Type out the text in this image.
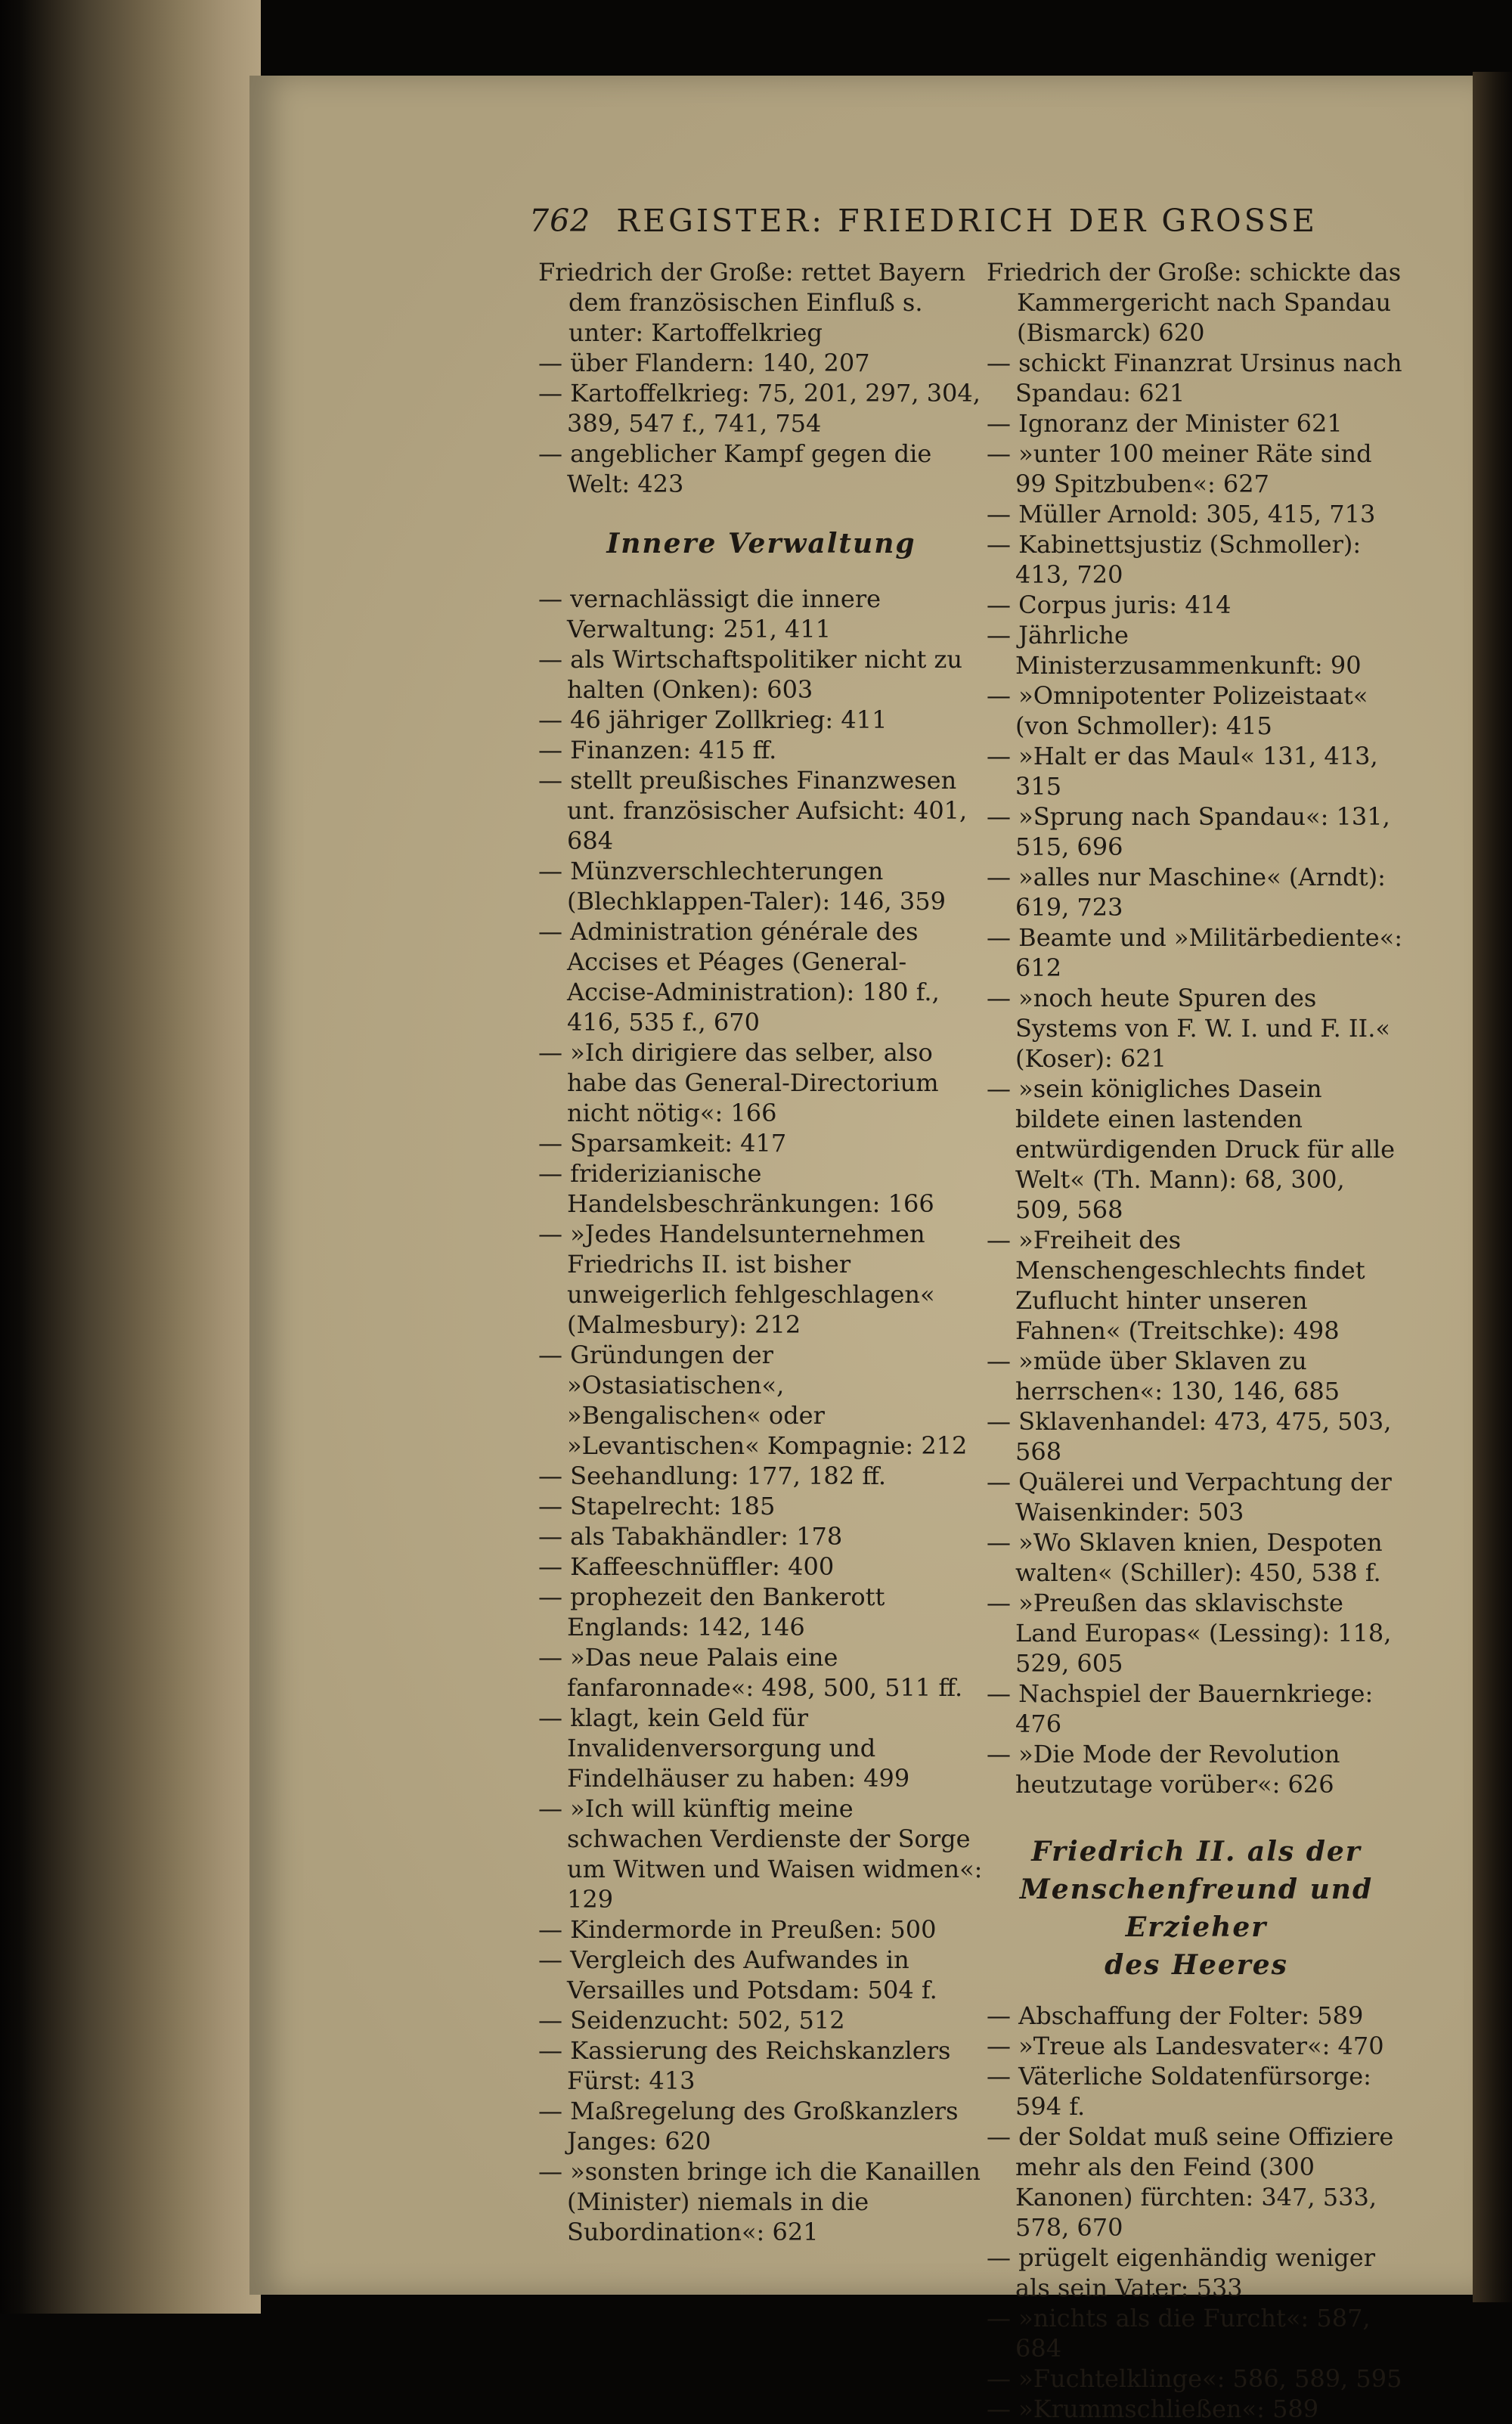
762 REGISTER: FRIEDRICH DER GROSSE

Friedrich der Große: rettet Bayern dem französischen Einfluß s. unter: Kartoffelkrieg

— über Flandern: 140, 207

— Kartoffelkrieg: 75, 201, 297, 304, 389, 547 f., 741, 754

— angeblicher Kampf gegen die Welt: 423

Innere Verwaltung

— vernachlässigt die innere Verwaltung: 251, 411

— als Wirtschaftspolitiker nicht zu halten (Onken): 603

— 46 jähriger Zollkrieg: 411

— Finanzen: 415 ff.

— stellt preußisches Finanzwesen unt. französischer Aufsicht: 401, 684

— Münzverschlechterungen (Blechklappen-Taler): 146, 359

— Administration générale des Accises et Péages (General-Accise-Administration): 180 f., 416, 535 f., 670

— »Ich dirigiere das selber, also habe das General-Directorium nicht nötig«: 166

— Sparsamkeit: 417

— friderizianische Handelsbeschränkungen: 166

— »Jedes Handelsunternehmen Friedrichs II. ist bisher unweigerlich fehlgeschlagen« (Malmesbury): 212

— Gründungen der »Ostasiatischen«, »Bengalischen« oder »Levantischen« Kompagnie: 212

— Seehandlung: 177, 182 ff.

— Stapelrecht: 185

— als Tabakhändler: 178

— Kaffeeschnüffler: 400

— prophezeit den Bankerott Englands: 142, 146

— »Das neue Palais eine fanfaronnade«: 498, 500, 511 ff.

— klagt, kein Geld für Invalidenversorgung und Findelhäuser zu haben: 499

— »Ich will künftig meine schwachen Verdienste der Sorge um Witwen und Waisen widmen«: 129

— Kindermorde in Preußen: 500

— Vergleich des Aufwandes in Versailles und Potsdam: 504 f.

— Seidenzucht: 502, 512

— Kassierung des Reichskanzlers Fürst: 413

— Maßregelung des Großkanzlers Janges: 620

— »sonsten bringe ich die Kanaillen (Minister) niemals in die Subordination«: 621

Friedrich der Große: schickte das Kammergericht nach Spandau (Bismarck) 620

— schickt Finanzrat Ursinus nach Spandau: 621

— Ignoranz der Minister 621

— »unter 100 meiner Räte sind 99 Spitzbuben«: 627

— Müller Arnold: 305, 415, 713

— Kabinettsjustiz (Schmoller): 413, 720

— Corpus juris: 414

— Jährliche Ministerzusammenkunft: 90

— »Omnipotenter Polizeistaat« (von Schmoller): 415

— »Halt er das Maul« 131, 413, 315

— »Sprung nach Spandau«: 131, 515, 696

— »alles nur Maschine« (Arndt): 619, 723

— Beamte und »Militärbediente«: 612

— »noch heute Spuren des Systems von F. W. I. und F. II.« (Koser): 621

— »sein königliches Dasein bildete einen lastenden entwürdigenden Druck für alle Welt« (Th. Mann): 68, 300, 509, 568

— »Freiheit des Menschengeschlechts findet Zuflucht hinter unseren Fahnen« (Treitschke): 498

— »müde über Sklaven zu herrschen«: 130, 146, 685

— Sklavenhandel: 473, 475, 503, 568

— Quälerei und Verpachtung der Waisenkinder: 503

— »Wo Sklaven knien, Despoten walten« (Schiller): 450, 538 f.

— »Preußen das sklavischste Land Europas« (Lessing): 118, 529, 605

— Nachspiel der Bauernkriege: 476

— »Die Mode der Revolution heutzutage vorüber«: 626

Friedrich II. als der
Menschenfreund und Erzieher
des Heeres

— Abschaffung der Folter: 589

— »Treue als Landesvater«: 470

— Väterliche Soldatenfürsorge: 594 f.

— der Soldat muß seine Offiziere mehr als den Feind (300 Kanonen) fürchten: 347, 533, 578, 670

— prügelt eigenhändig weniger als sein Vater: 533

— »nichts als die Furcht«: 587, 684

— »Fuchtelklinge«: 586, 589, 595

— »Krummschließen«: 589
